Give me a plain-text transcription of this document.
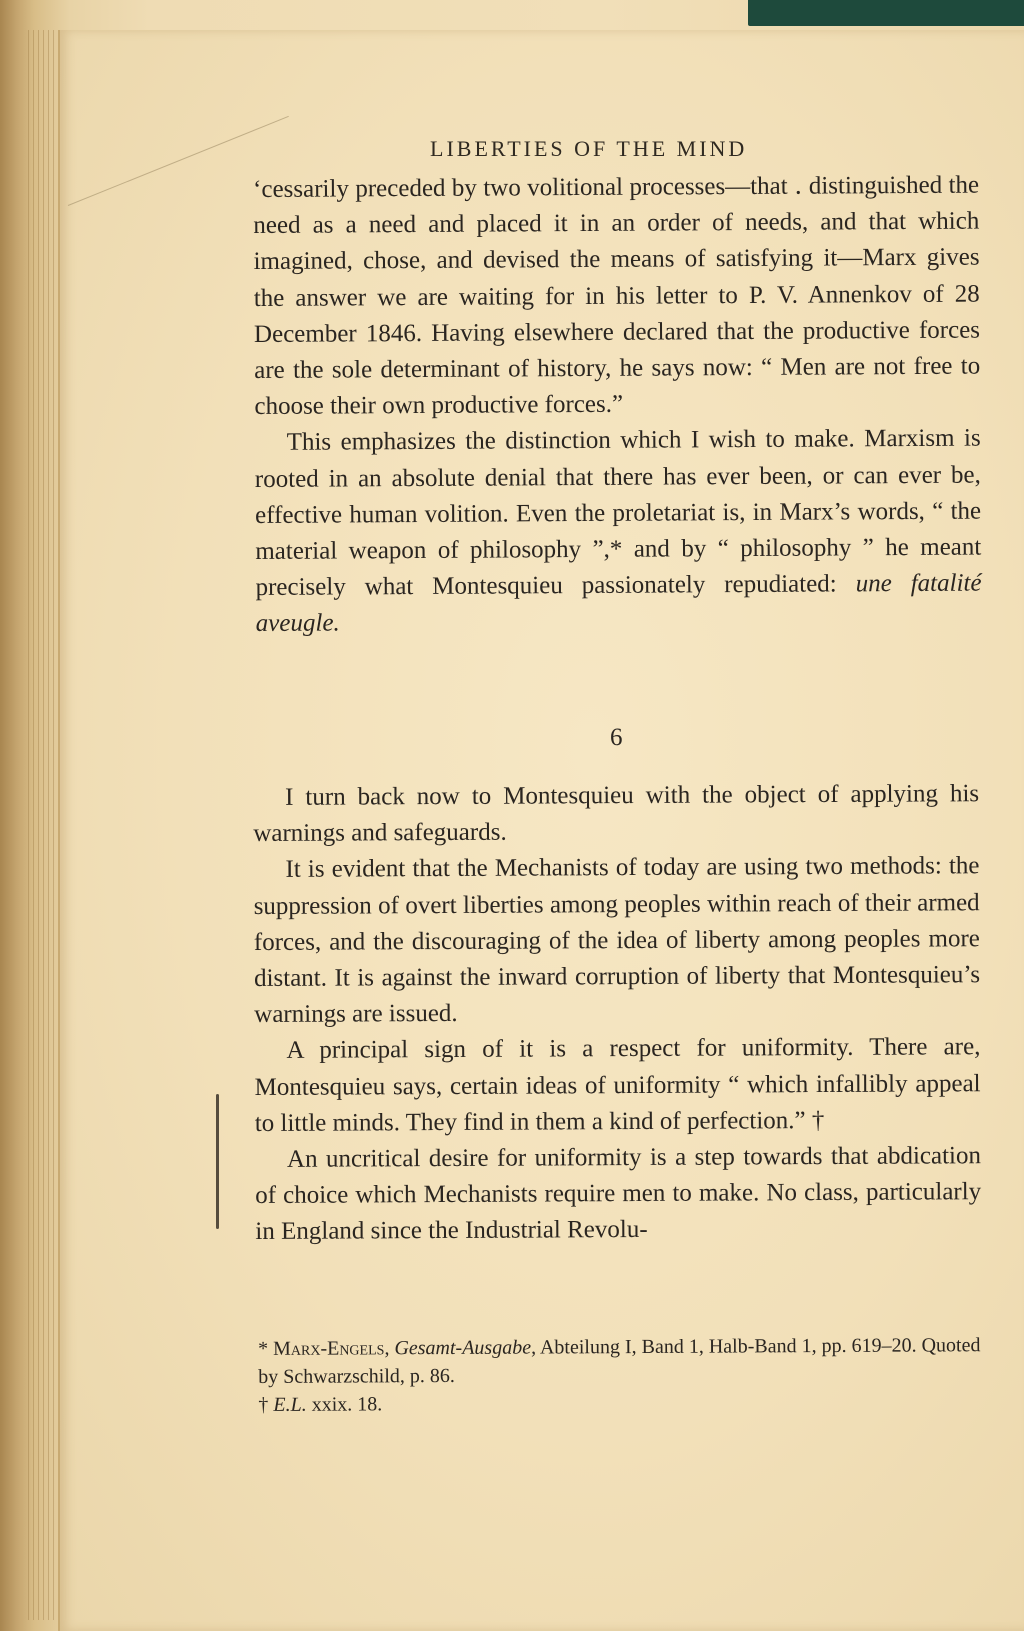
LIBERTIES OF THE MIND

ʻcessarily preceded by two volitional processes—that ․ distinguished the need as a need and placed it in an order of needs, and that which imagined, chose, and devised the means of satisfying it—Marx gives the answer we are waiting for in his letter to P. V. Annenkov of 28 December 1846. Having elsewhere declared that the productive forces are the sole determinant of history, he says now: “ Men are not free to choose their own productive forces.”

This emphasizes the distinction which I wish to make. Marxism is rooted in an absolute denial that there has ever been, or can ever be, effective human volition. Even the proletariat is, in Marx’s words, “ the material weapon of philosophy ”,* and by “ philosophy ” he meant precisely what Montesquieu passionately repudiated: une fatalité aveugle.

6

I turn back now to Montesquieu with the object of applying his warnings and safeguards.

It is evident that the Mechanists of today are using two methods: the suppression of overt liberties among peoples within reach of their armed forces, and the discouraging of the idea of liberty among peoples more distant. It is against the inward corruption of liberty that Montesquieu’s warnings are issued.

A principal sign of it is a respect for uniformity. There are, Montesquieu says, certain ideas of uniformity “ which infallibly appeal to little minds. They find in them a kind of perfection.” †

An uncritical desire for uniformity is a step towards that abdication of choice which Mechanists require men to make. No class, particularly in England since the Industrial Revolu-

* Marx-Engels, Gesamt-Ausgabe, Abteilung I, Band 1, Halb-Band 1, pp. 619–20. Quoted by Schwarzschild, p. 86.

† E.L. xxix. 18.
